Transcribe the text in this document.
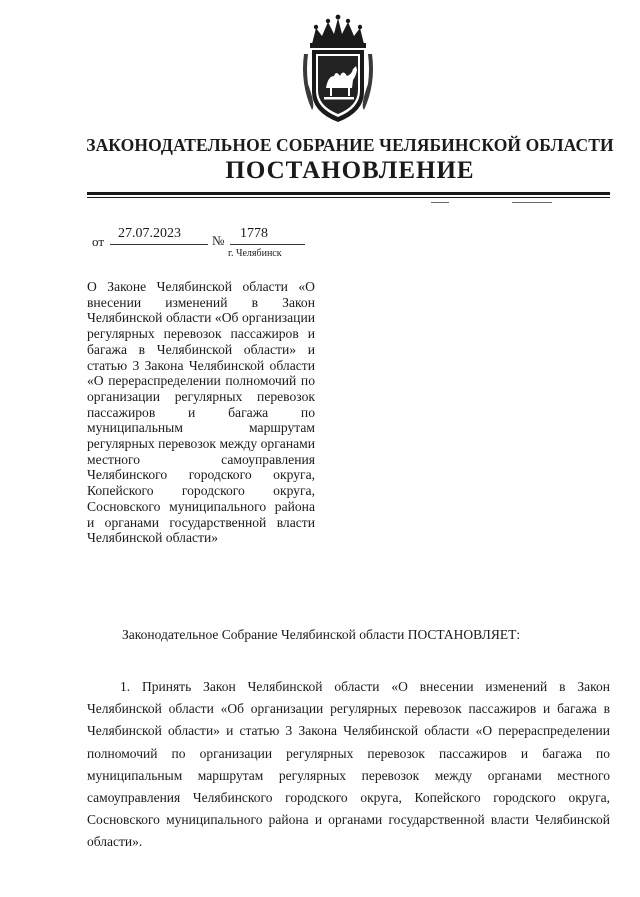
ЗАКОНОДАТЕЛЬНОЕ СОБРАНИЕ ЧЕЛЯБИНСКОЙ ОБЛАСТИ
ПОСТАНОВЛЕНИЕ
от
27.07.2023 № 1778
г. Челябинск

О Законе Челябинской области «О внесении изменений в Закон Челябинской области «Об организации регулярных перевозок пассажиров и багажа в Челябинской области» и статью 3 Закона Челябинской области «О перераспределении полномочий по организации регулярных перевозок пассажиров и багажа по муниципальным маршрутам регулярных перевозок между органами местного самоуправления Челябинского городского округа, Копейского городского округа, Сосновского муниципального района и органами государственной власти Челябинской области»

Законодательное Собрание Челябинской области ПОСТАНОВЛЯЕТ:

1. Принять Закон Челябинской области «О внесении изменений в Закон Челябинской области «Об организации регулярных перевозок пассажиров и багажа в Челябинской области» и статью 3 Закона Челябинской области «О перераспределении полномочий по организации регулярных перевозок пассажиров и багажа по муниципальным маршрутам регулярных перевозок между органами местного самоуправления Челябинского городского округа, Копейского городского округа, Сосновского муниципального района и органами государственной власти Челябинской области».
